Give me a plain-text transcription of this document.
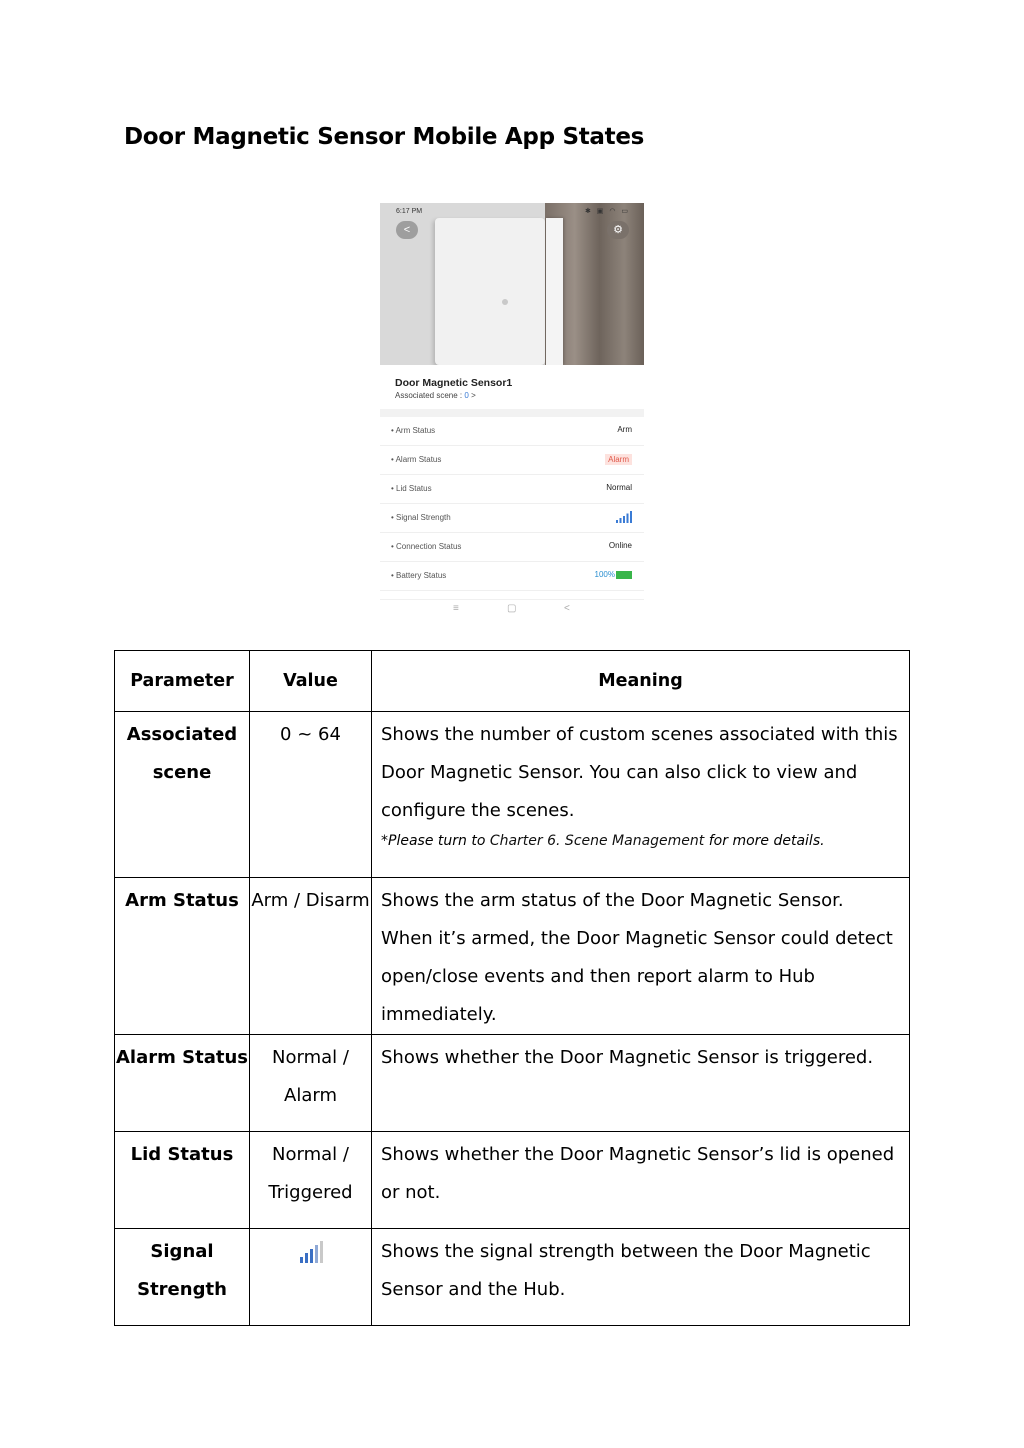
Door Magnetic Sensor Mobile App States
6:17 PM	✱ ▣ ◠ ▭
<	⚙
Door Magnetic Sensor1
Associated scene : 0 >
• Arm Status	Arm
• Alarm Status	Alarm
• Lid Status	Normal
• Signal Strength
• Connection Status	Online
• Battery Status	100%
≡	▢	<
Parameter	Value	Meaning
Associated scene	0 ~ 64	Shows the number of custom scenes associated with this Door Magnetic Sensor. You can also click to view and configure the scenes.
*Please turn to Charter 6. Scene Management for more details.

Arm Status	Arm / Disarm	Shows the arm status of the Door Magnetic Sensor. When it’s armed, the Door Magnetic Sensor could detect open/close events and then report alarm to Hub immediately.
Alarm Status	Normal / Alarm	Shows whether the Door Magnetic Sensor is triggered.
Lid Status	Normal / Triggered	Shows whether the Door Magnetic Sensor’s lid is opened or not.
Signal Strength		Shows the signal strength between the Door Magnetic Sensor and the Hub.
